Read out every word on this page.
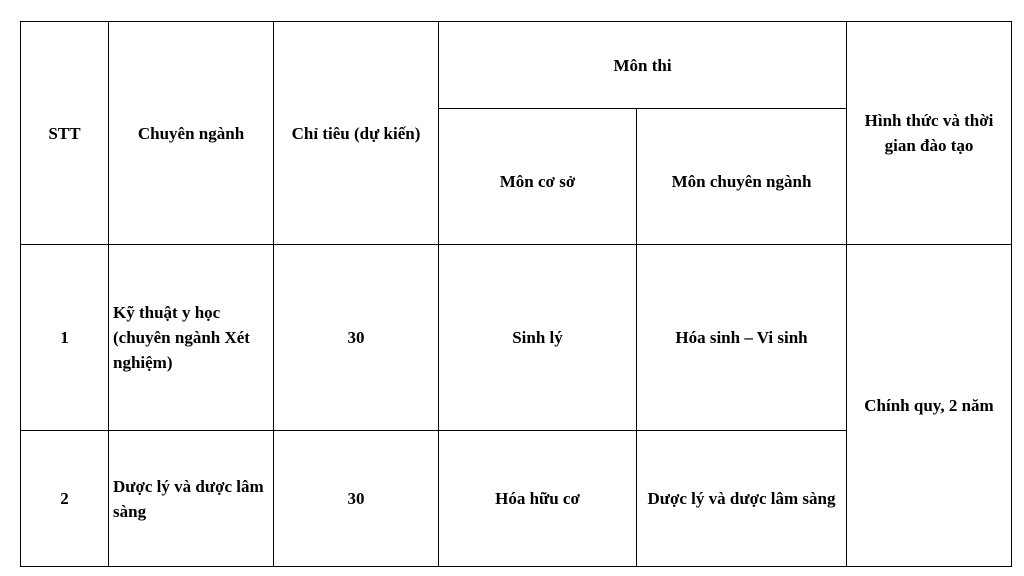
STT	Chuyên ngành	Chỉ tiêu (dự kiến)	Môn thi		Hình thức và thời gian đào tạo
			Môn cơ sở	Môn chuyên ngành	
1	Kỹ thuật y học (chuyên ngành Xét nghiệm)	30	Sinh lý	Hóa sinh – Vi sinh	Chính quy, 2 năm
2	Dược lý và dược lâm sàng	30	Hóa hữu cơ	Dược lý và dược lâm sàng	
